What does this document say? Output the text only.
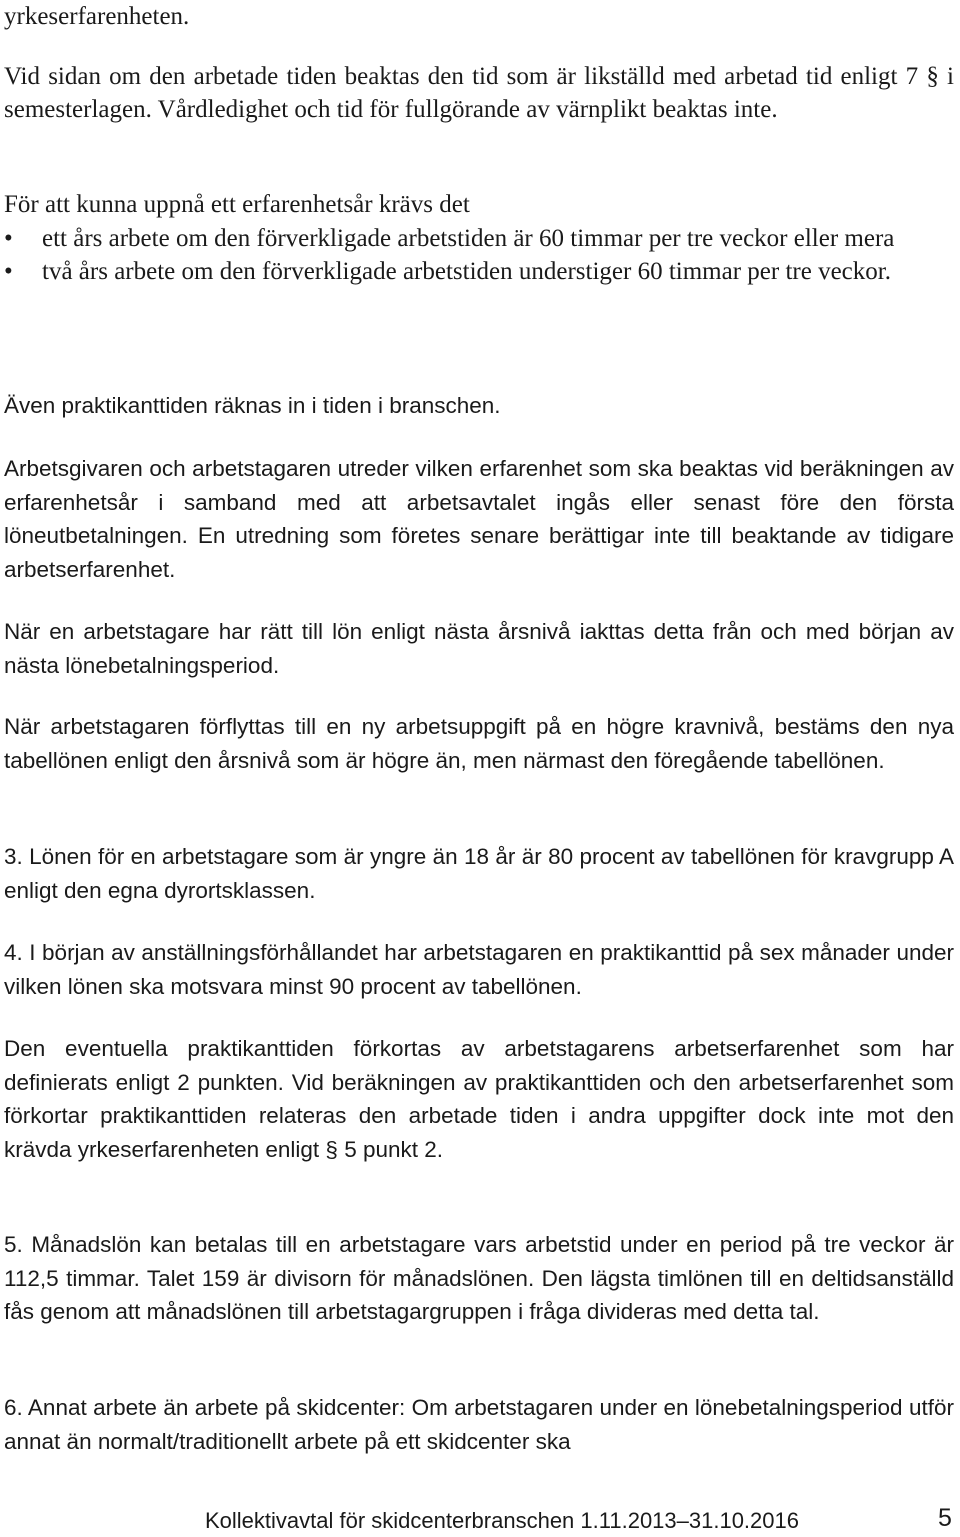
yrkeserfarenheten.

Vid sidan om den arbetade tiden beaktas den tid som är likställd med arbetad tid enligt 7 § i semesterlagen. Vårdledighet och tid för fullgörande av värnplikt beaktas inte.

För att kunna uppnå ett erfarenhetsår krävs det

• ett års arbete om den förverkligade arbetstiden är 60 timmar per tre veckor eller mera
• två års arbete om den förverkligade arbetstiden understiger 60 timmar per tre veckor.

Även praktikanttiden räknas in i tiden i branschen.

Arbetsgivaren och arbetstagaren utreder vilken erfarenhet som ska beaktas vid beräkningen av erfarenhetsår i samband med att arbetsavtalet ingås eller senast före den första löneutbetalningen. En utredning som företes senare berättigar inte till beaktande av tidigare arbetserfarenhet.

När en arbetstagare har rätt till lön enligt nästa årsnivå iakttas detta från och med början av nästa lönebetalningsperiod.

När arbetstagaren förflyttas till en ny arbetsuppgift på en högre kravnivå, bestäms den nya tabellönen enligt den årsnivå som är högre än, men närmast den föregående tabellönen.

3. Lönen för en arbetstagare som är yngre än 18 år är 80 procent av tabellönen för kravgrupp A enligt den egna dyrortsklassen.

4. I början av anställningsförhållandet har arbetstagaren en praktikanttid på sex månader under vilken lönen ska motsvara minst 90 procent av tabellönen.

Den eventuella praktikanttiden förkortas av arbetstagarens arbetserfarenhet som har definierats enligt 2 punkten. Vid beräkningen av praktikanttiden och den arbetserfarenhet som förkortar praktikanttiden relateras den arbetade tiden i andra uppgifter dock inte mot den krävda yrkeserfarenheten enligt § 5 punkt 2.

5. Månadslön kan betalas till en arbetstagare vars arbetstid under en period på tre veckor är 112,5 timmar. Talet 159 är divisorn för månadslönen. Den lägsta timlönen till en deltidsanställd fås genom att månadslönen till arbetstagargruppen i fråga divideras med detta tal.

6. Annat arbete än arbete på skidcenter: Om arbetstagaren under en lönebetalningsperiod utför annat än normalt/traditionellt arbete på ett skidcenter ska

Kollektivavtal för skidcenterbranschen 1.11.2013–31.10.2016	5
